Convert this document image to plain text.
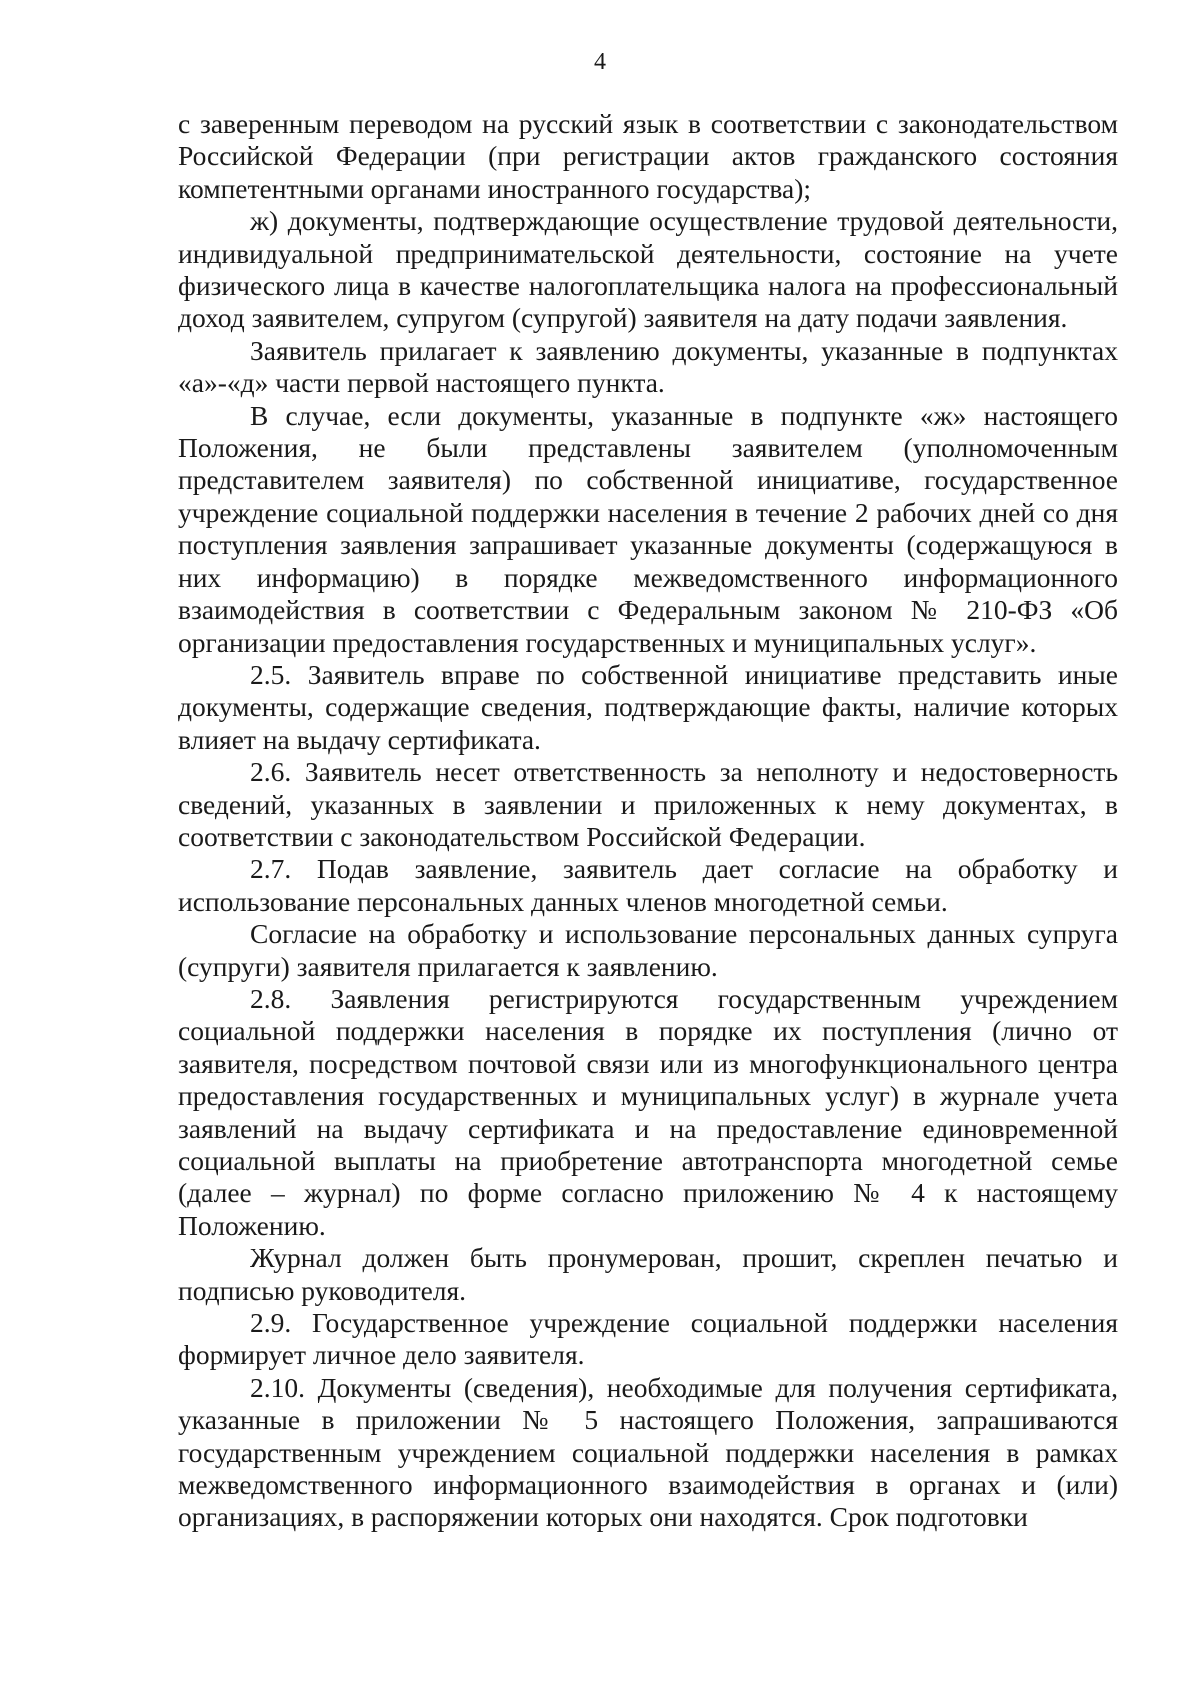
4

с заверенным переводом на русский язык в соответствии с законодательством Российской Федерации (при регистрации актов гражданского состояния компетентными органами иностранного государства);

ж) документы, подтверждающие осуществление трудовой деятельности, индивидуальной предпринимательской деятельности, состояние на учете физического лица в качестве налогоплательщика налога на профессиональный доход заявителем, супругом (супругой) заявителя на дату подачи заявления.

Заявитель прилагает к заявлению документы, указанные в подпунктах «а»-«д» части первой настоящего пункта.

В случае, если документы, указанные в подпункте «ж» настоящего Положения, не были представлены заявителем (уполномоченным представителем заявителя) по собственной инициативе, государственное учреждение социальной поддержки населения в течение 2 рабочих дней со дня поступления заявления запрашивает указанные документы (содержащуюся в них информацию) в порядке межведомственного информационного взаимодействия в соответствии с Федеральным законом № 210-ФЗ «Об организации предоставления государственных и муниципальных услуг».

2.5. Заявитель вправе по собственной инициативе представить иные документы, содержащие сведения, подтверждающие факты, наличие которых влияет на выдачу сертификата.

2.6. Заявитель несет ответственность за неполноту и недостоверность сведений, указанных в заявлении и приложенных к нему документах, в соответствии с законодательством Российской Федерации.

2.7. Подав заявление, заявитель дает согласие на обработку и использование персональных данных членов многодетной семьи.

Согласие на обработку и использование персональных данных супруга (супруги) заявителя прилагается к заявлению.

2.8. Заявления регистрируются государственным учреждением социальной поддержки населения в порядке их поступления (лично от заявителя, посредством почтовой связи или из многофункционального центра предоставления государственных и муниципальных услуг) в журнале учета заявлений на выдачу сертификата и на предоставление единовременной социальной выплаты на приобретение автотранспорта многодетной семье (далее – журнал) по форме согласно приложению № 4 к настоящему Положению.

Журнал должен быть пронумерован, прошит, скреплен печатью и подписью руководителя.

2.9. Государственное учреждение социальной поддержки населения формирует личное дело заявителя.

2.10. Документы (сведения), необходимые для получения сертификата, указанные в приложении № 5 настоящего Положения, запрашиваются государственным учреждением социальной поддержки населения в рамках межведомственного информационного взаимодействия в органах и (или) организациях, в распоряжении которых они находятся. Срок подготовки
